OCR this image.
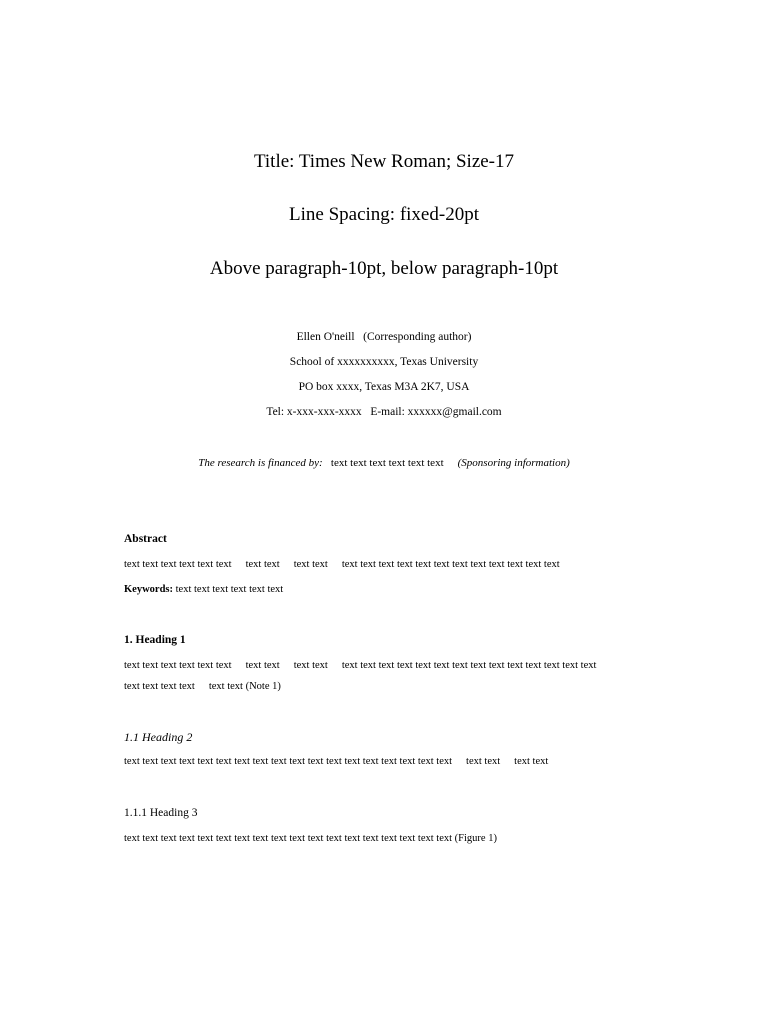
Title: Times New Roman; Size-17
Line Spacing: fixed-20pt
Above paragraph-10pt, below paragraph-10pt
Ellen O'neill (Corresponding author)
School of xxxxxxxxxx, Texas University
PO box xxxx, Texas M3A 2K7, USA
Tel: x-xxx-xxx-xxxx E-mail: xxxxxx@gmail.com
The research is financed by: text text text text text text (Sponsoring information)
Abstract
text text text text text text text text text text text text text text text text text text text text text text
Keywords: text text text text text text
1. Heading 1
text text text text text text text text text text text text text text text text text text text text text text text text
text text text text text text (Note 1)
1.1 Heading 2
text text text text text text text text text text text text text text text text text text text text text text
1.1.1 Heading 3
text text text text text text text text text text text text text text text text text text (Figure 1)
